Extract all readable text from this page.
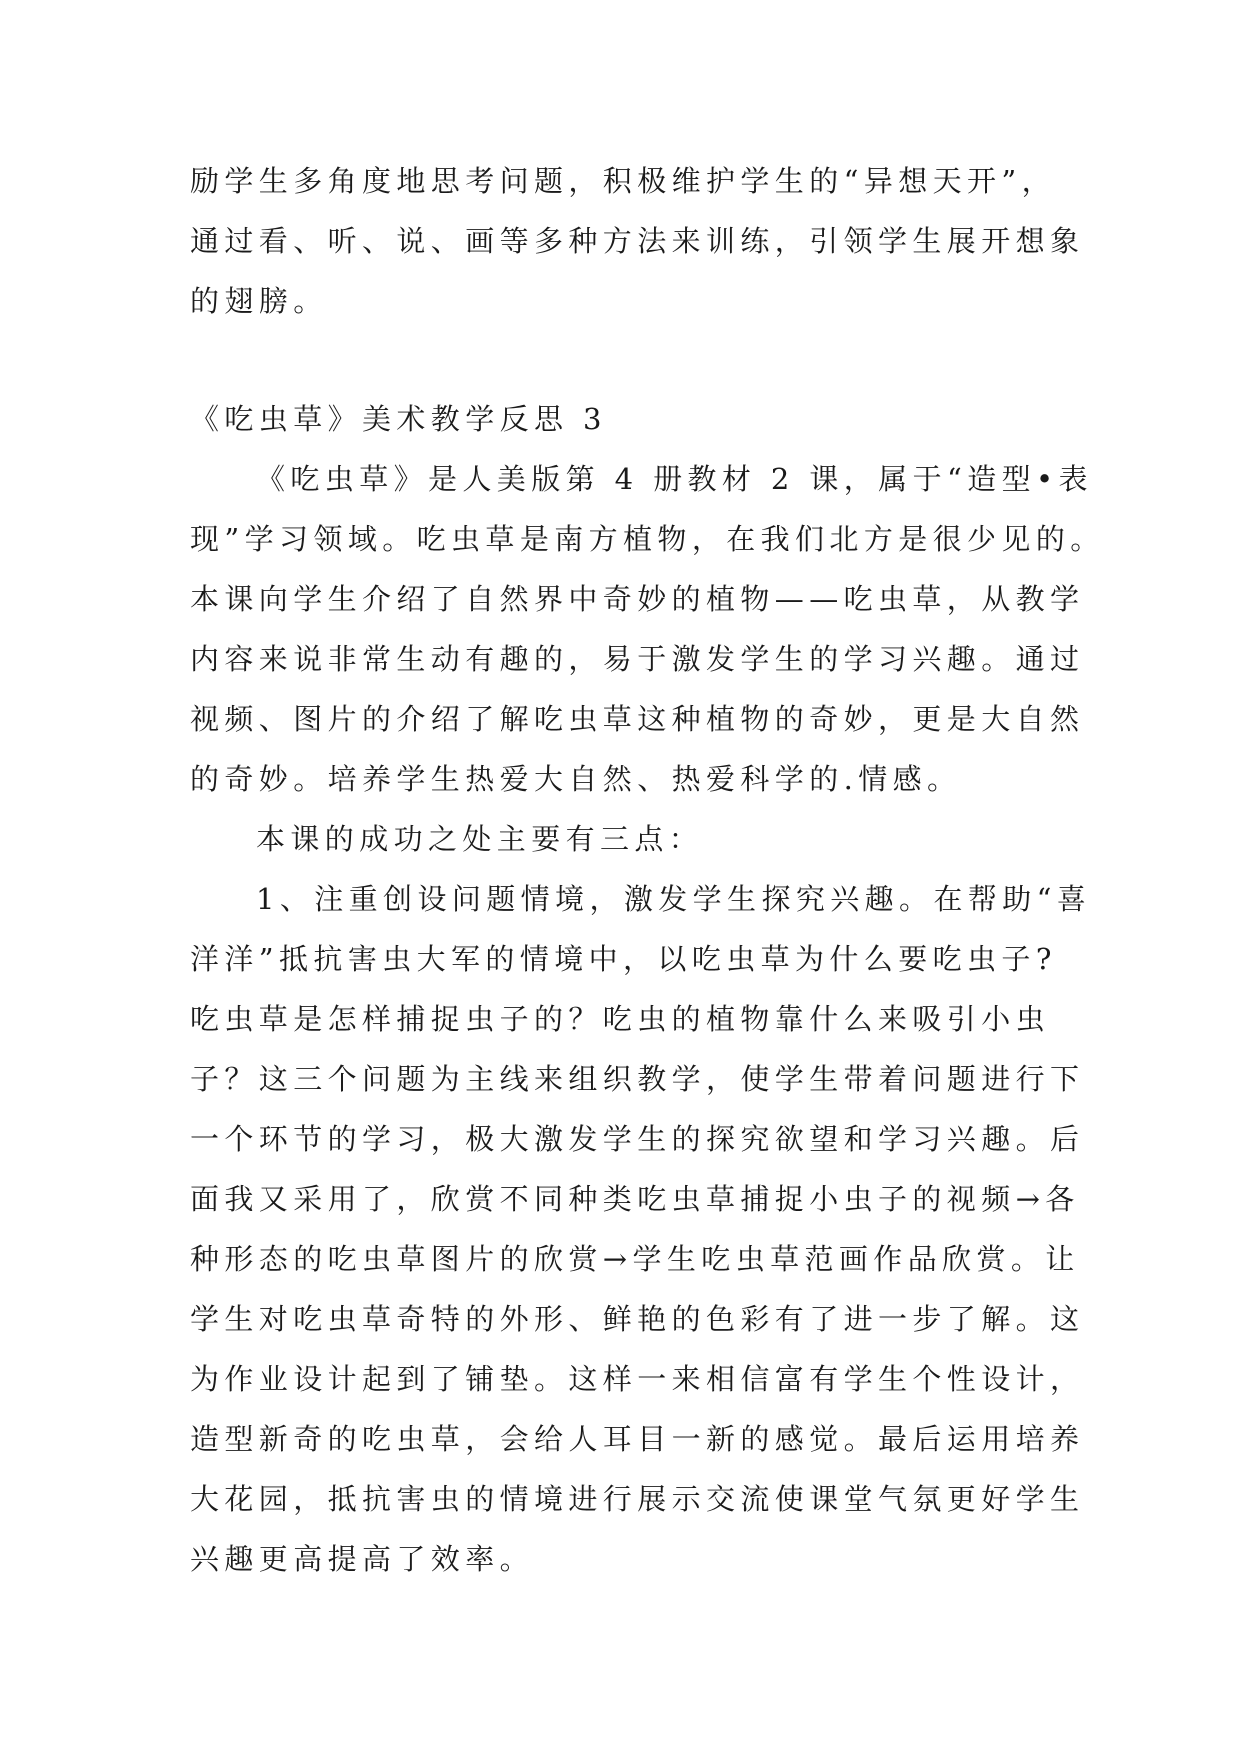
励学生多角度地思考问题，积极维护学生的“异想天开”，
通过看、听、说、画等多种方法来训练，引领学生展开想象
的翅膀。
《吃虫草》美术教学反思 3
《吃虫草》是人美版第 4 册教材 2 课，属于“造型•表
现”学习领域。吃虫草是南方植物，在我们北方是很少见的。
本课向学生介绍了自然界中奇妙的植物——吃虫草，从教学
内容来说非常生动有趣的，易于激发学生的学习兴趣。通过
视频、图片的介绍了解吃虫草这种植物的奇妙，更是大自然
的奇妙。培养学生热爱大自然、热爱科学的.情感。
本课的成功之处主要有三点：
1、注重创设问题情境，激发学生探究兴趣。在帮助“喜
洋洋”抵抗害虫大军的情境中，以吃虫草为什么要吃虫子?
吃虫草是怎样捕捉虫子的？吃虫的植物靠什么来吸引小虫
子？这三个问题为主线来组织教学，使学生带着问题进行下
一个环节的学习，极大激发学生的探究欲望和学习兴趣。后
面我又采用了，欣赏不同种类吃虫草捕捉小虫子的视频→各
种形态的吃虫草图片的欣赏→学生吃虫草范画作品欣赏。让
学生对吃虫草奇特的外形、鲜艳的色彩有了进一步了解。这
为作业设计起到了铺垫。这样一来相信富有学生个性设计，
造型新奇的吃虫草，会给人耳目一新的感觉。最后运用培养
大花园，抵抗害虫的情境进行展示交流使课堂气氛更好学生
兴趣更高提高了效率。
